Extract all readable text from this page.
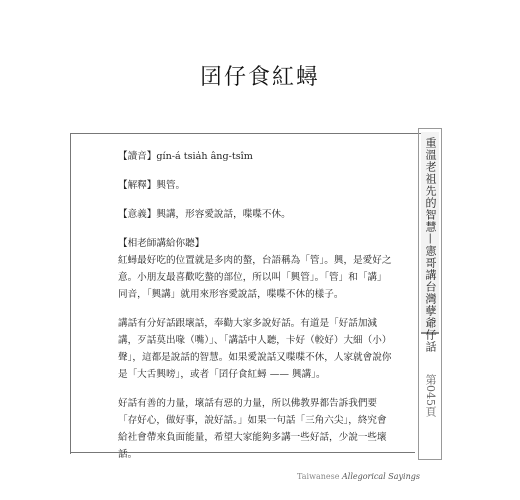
囝仔食紅蟳
重溫老祖先的智慧—憲哥講台灣孽爺仔話
第045頁

【讀音】gín-á tsia̍h âng-tsîm

【解釋】興管。

【意義】興講，形容愛說話，喋喋不休。

【相老師講給你聽】

紅蟳最好吃的位置就是多肉的螯，台語稱為「管」。興，是愛好之意。小朋友最喜歡吃螯的部位，所以叫「興管」。「管」和「講」同音，「興講」就用來形容愛說話，喋喋不休的樣子。

講話有分好話跟壞話，奉勸大家多說好話。有道是「好話加減講，歹話莫出喙（嘴）」、「講話中人聽，卡好（較好）大細（小）聲」，這都是說話的智慧。如果愛說話又喋喋不休，人家就會說你是「大舌興嗙」，或者「囝仔食紅蟳 —— 興講」。

好話有善的力量，壞話有惡的力量，所以佛教界都告訴我們要「存好心，做好事，說好話。」如果一句話「三角六尖」，終究會給社會帶來負面能量，希望大家能夠多講一些好話，少說一些壞話。

Taiwanese Allegorical Sayings
